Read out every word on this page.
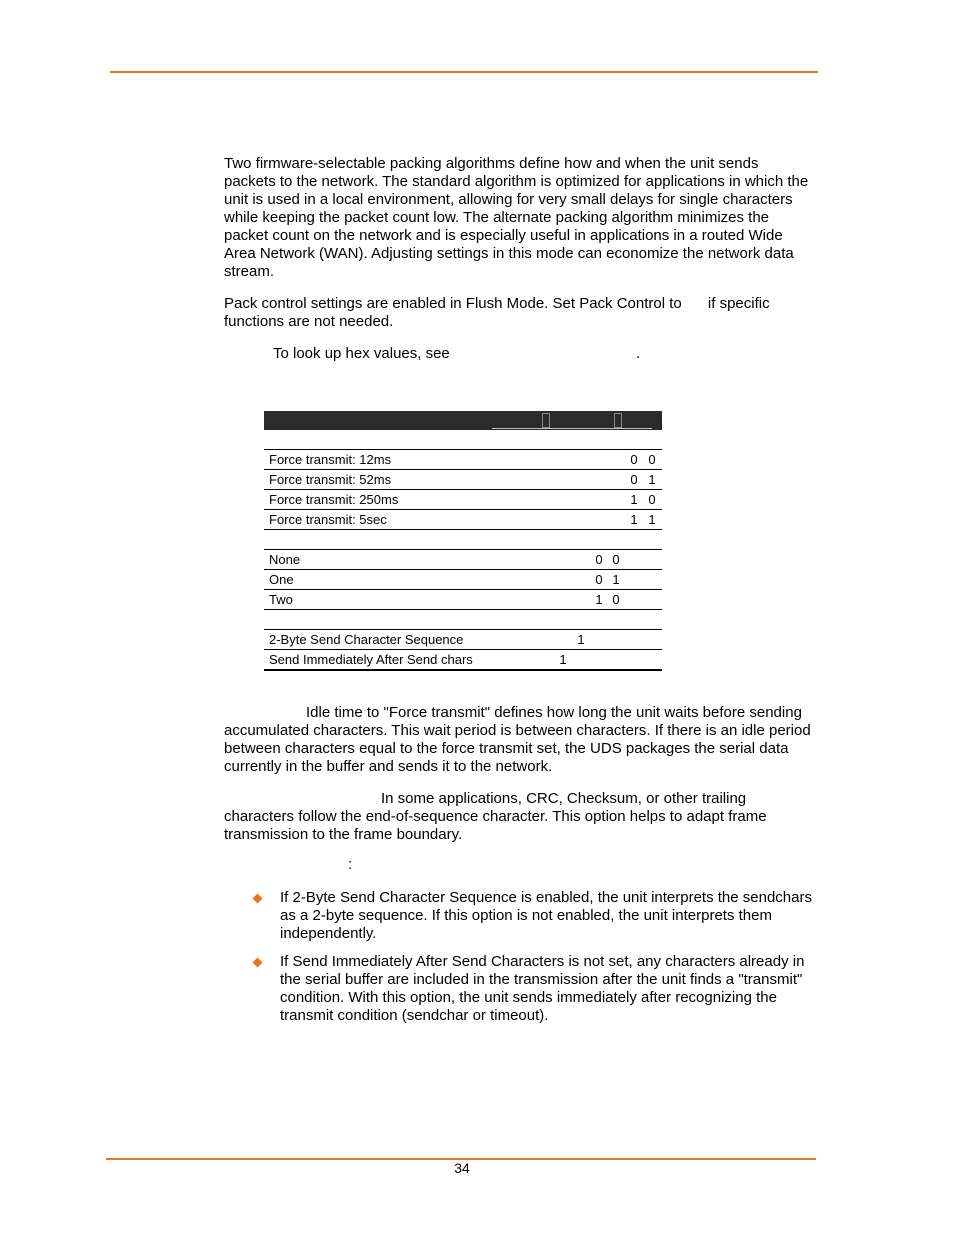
Two firmware-selectable packing algorithms define how and when the unit sends packets to the network. The standard algorithm is optimized for applications in which the unit is used in a local environment, allowing for very small delays for single characters while keeping the packet count low. The alternate packing algorithm minimizes the packet count on the network and is especially useful in applications in a routed Wide Area Network (WAN). Adjusting settings in this mode can economize the network data stream.

Pack control settings are enabled in Flush Mode. Set Pack Control to if specific functions are not needed.

To look up hex values, see	.

Force transmit: 12ms	0 0
Force transmit: 52ms	0 1
Force transmit: 250ms	1 0
Force transmit: 5sec	1 1
None	0 0
One	0 1
Two	1 0
2-Byte Send Character Sequence	1
Send Immediately After Send chars	1

Idle time to "Force transmit" defines how long the unit waits before sending accumulated characters. This wait period is between characters. If there is an idle period between characters equal to the force transmit set, the UDS packages the serial data currently in the buffer and sends it to the network.

In some applications, CRC, Checksum, or other trailing characters follow the end-of-sequence character. This option helps to adapt frame transmission to the frame boundary.

:

If 2-Byte Send Character Sequence is enabled, the unit interprets the sendchars as a 2-byte sequence. If this option is not enabled, the unit interprets them independently.
If Send Immediately After Send Characters is not set, any characters already in the serial buffer are included in the transmission after the unit finds a "transmit" condition. With this option, the unit sends immediately after recognizing the transmit condition (sendchar or timeout).
34
